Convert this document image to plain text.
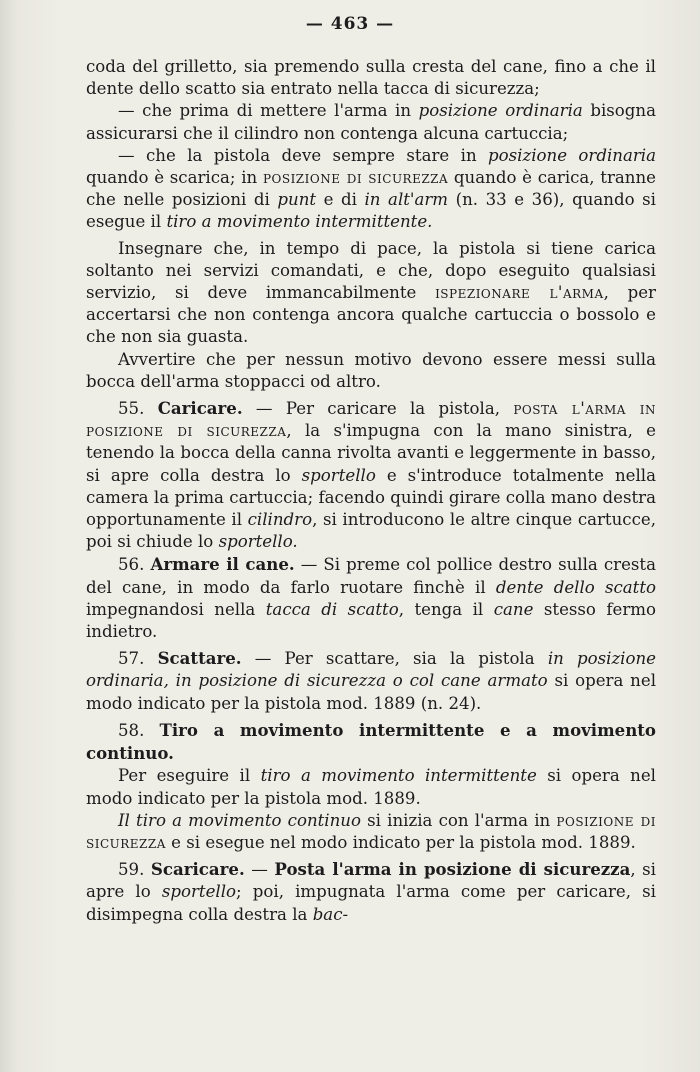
— 463 —

coda del grilletto, sia premendo sulla cresta del cane, fino a che il dente dello scatto sia entrato nella tacca di sicurezza;

— che prima di mettere l'arma in posizione ordinaria bisogna assicurarsi che il cilindro non contenga alcuna cartuccia;

— che la pistola deve sempre stare in posizione ordinaria quando è scarica; in posizione di sicurezza quando è carica, tranne che nelle posizioni di punt e di in alt'arm (n. 33 e 36), quando si esegue il tiro a movimento intermittente.

Insegnare che, in tempo di pace, la pistola si tiene carica soltanto nei servizi comandati, e che, dopo eseguito qualsiasi servizio, si deve immancabilmente ispezionare l'arma, per accertarsi che non contenga ancora qualche cartuccia o bossolo e che non sia guasta.

Avvertire che per nessun motivo devono essere messi sulla bocca dell'arma stoppacci od altro.

55. Caricare. — Per caricare la pistola, posta l'arma in posizione di sicurezza, la s'impugna con la mano sinistra, e tenendo la bocca della canna rivolta avanti e leggermente in basso, si apre colla destra lo sportello e s'introduce totalmente nella camera la prima cartuccia; facendo quindi girare colla mano destra opportunamente il cilindro, si introducono le altre cinque cartucce, poi si chiude lo sportello.

56. Armare il cane. — Si preme col pollice destro sulla cresta del cane, in modo da farlo ruotare finchè il dente dello scatto impegnandosi nella tacca di scatto, tenga il cane stesso fermo indietro.

57. Scattare. — Per scattare, sia la pistola in posizione ordinaria, in posizione di sicurezza o col cane armato si opera nel modo indicato per la pistola mod. 1889 (n. 24).

58. Tiro a movimento intermittente e a movimento continuo.

Per eseguire il tiro a movimento intermittente si opera nel modo indicato per la pistola mod. 1889.

Il tiro a movimento continuo si inizia con l'arma in posizione di sicurezza e si esegue nel modo indicato per la pistola mod. 1889.

59. Scaricare. — Posta l'arma in posizione di sicurezza, si apre lo sportello; poi, impugnata l'arma come per caricare, si disimpegna colla destra la bac-
